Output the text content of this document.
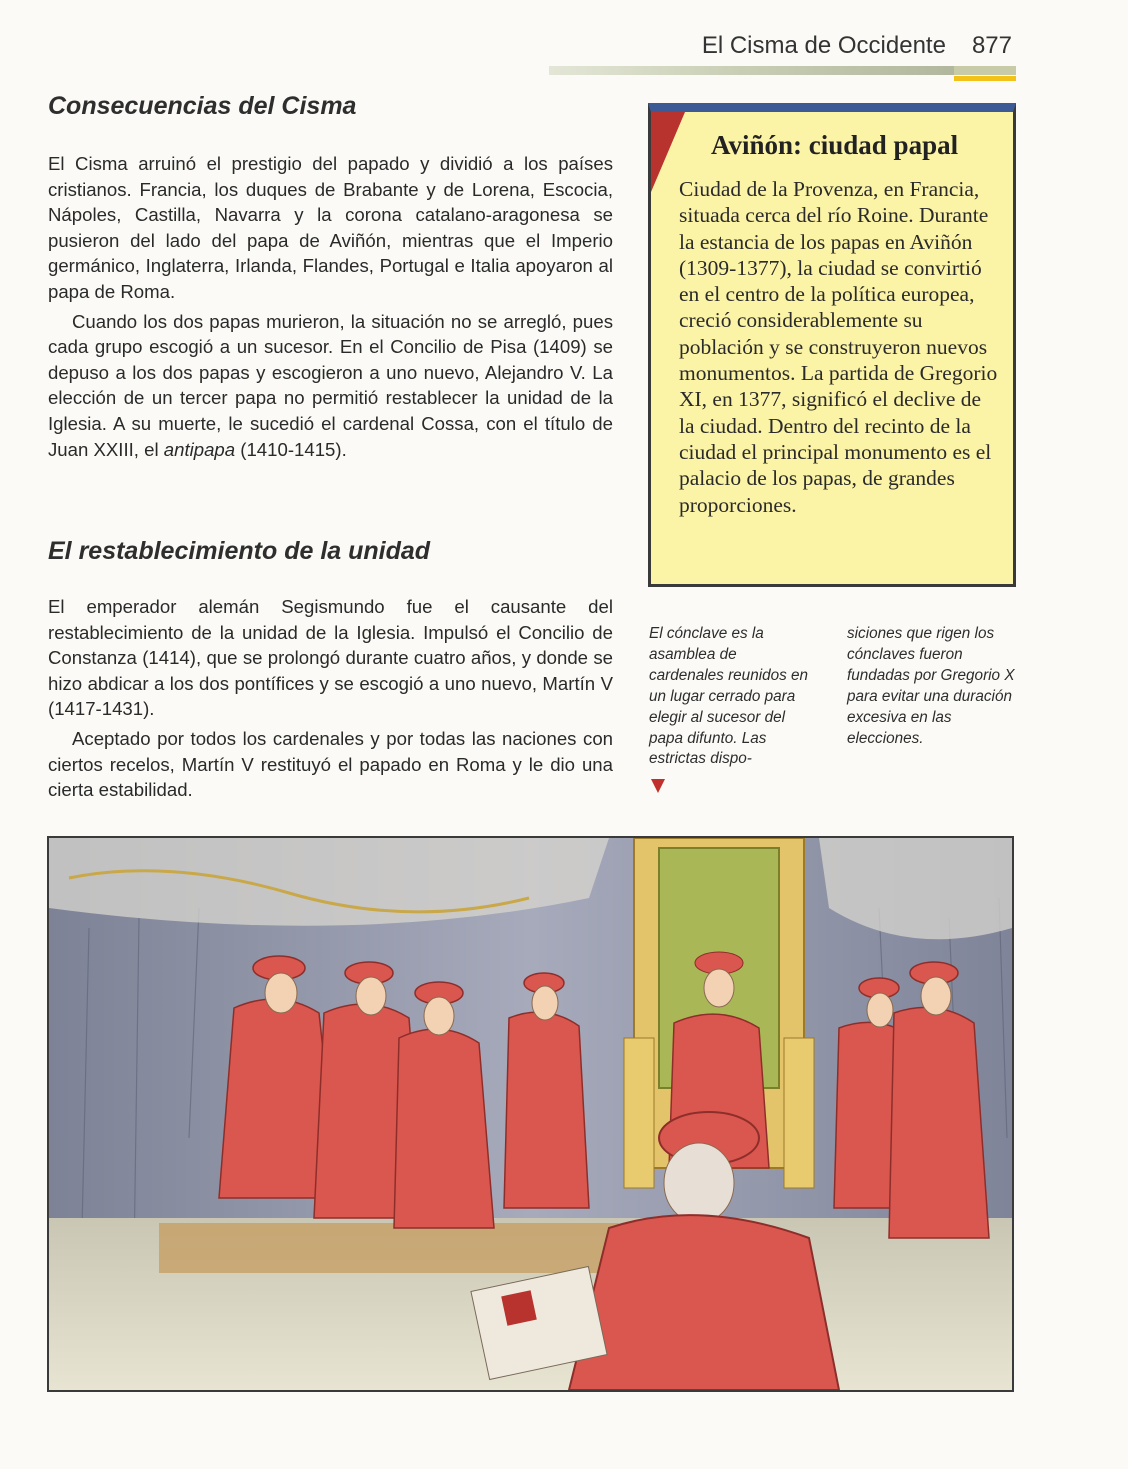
El Cisma de Occidente 877
Consecuencias del Cisma

El Cisma arruinó el prestigio del papado y dividió a los países cristianos. Francia, los duques de Brabante y de Lorena, Escocia, Nápoles, Castilla, Navarra y la corona catalano-aragonesa se pusieron del lado del papa de Aviñón, mientras que el Imperio germánico, Inglaterra, Irlanda, Flandes, Portugal e Italia apoyaron al papa de Roma.

Cuando los dos papas murieron, la situación no se arregló, pues cada grupo escogió a un sucesor. En el Concilio de Pisa (1409) se depuso a los dos papas y escogieron a uno nuevo, Alejandro V. La elección de un tercer papa no permitió restablecer la unidad de la Iglesia. A su muerte, le sucedió el cardenal Cossa, con el título de Juan XXIII, el antipapa (1410-1415).

El restablecimiento de la unidad

El emperador alemán Segismundo fue el causante del restablecimiento de la unidad de la Iglesia. Impulsó el Concilio de Constanza (1414), que se prolongó durante cuatro años, y donde se hizo abdicar a los dos pontífices y se escogió a uno nuevo, Martín V (1417-1431).

Aceptado por todos los cardenales y por todas las naciones con ciertos recelos, Martín V restituyó el papado en Roma y le dio una cierta estabilidad.

Aviñón: ciudad papal
Ciudad de la Provenza, en Francia, situada cerca del río Roine. Durante la estancia de los papas en Aviñón (1309-1377), la ciudad se convirtió en el centro de la política europea, creció considerablemente su población y se construyeron nuevos monumentos. La partida de Gregorio XI, en 1377, significó el declive de la ciudad. Dentro del recinto de la ciudad el principal monumento es el palacio de los papas, de grandes proporciones.
El cónclave es la asamblea de cardenales reunidos en un lugar cerrado para elegir al sucesor del papa difunto. Las estrictas dispo-
siciones que rigen los cónclaves fueron fundadas por Gregorio X para evitar una duración excesiva en las elecciones.
